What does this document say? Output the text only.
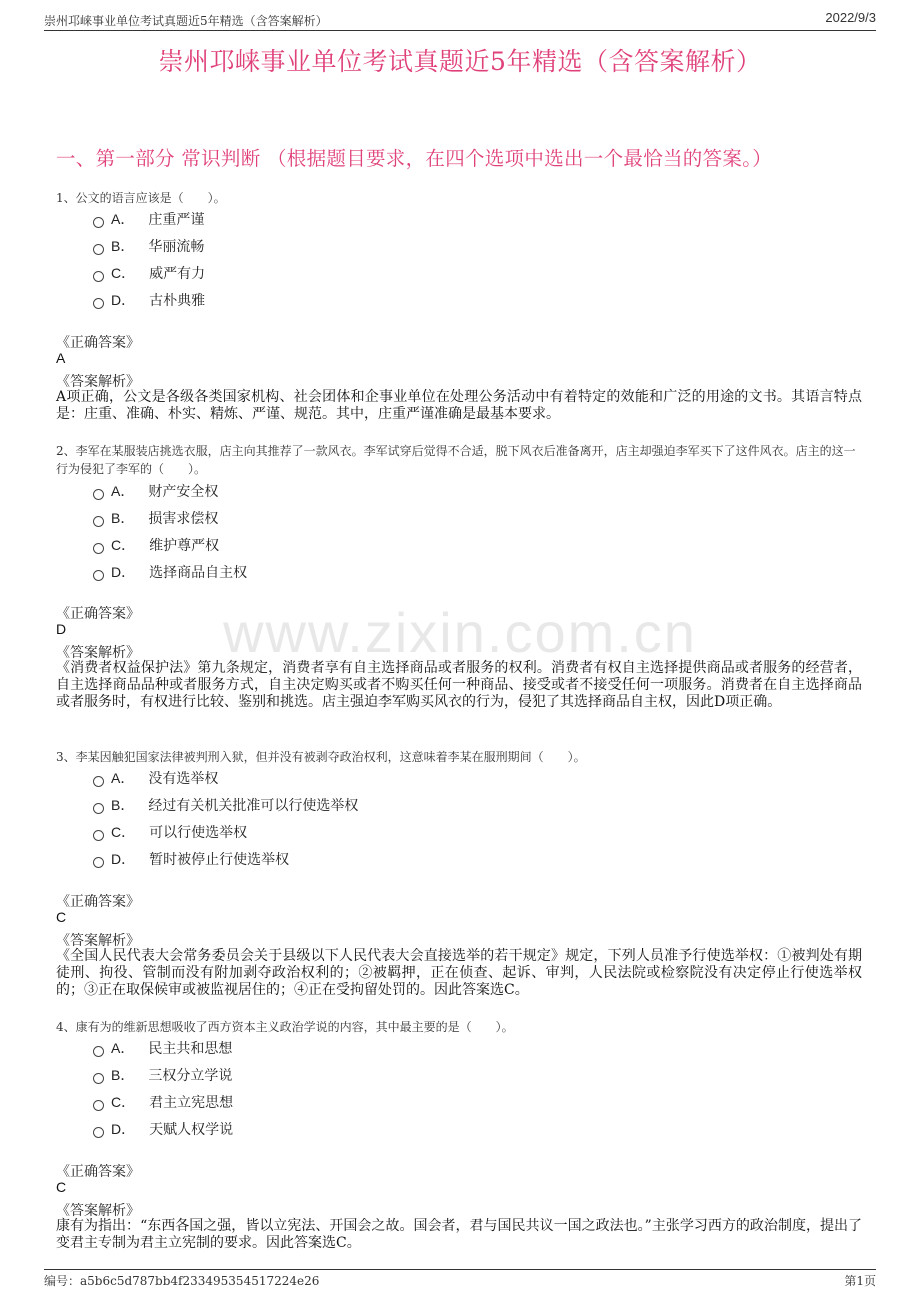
崇州邛崃事业单位考试真题近5年精选（含答案解析）	2022/9/3
崇州邛崃事业单位考试真题近5年精选（含答案解析）
一、第一部分 常识判断 （根据题目要求，在四个选项中选出一个最恰当的答案。）
www.zixin.com.cn
1、公文的语言应该是（　　）。
A． 庄重严谨
B． 华丽流畅
C． 威严有力
D． 古朴典雅
《正确答案》
A
《答案解析》
A项正确，公文是各级各类国家机构、社会团体和企事业单位在处理公务活动中有着特定的效能和广泛的用途的文书。其语言特点是：庄重、准确、朴实、精炼、严谨、规范。其中，庄重严谨准确是最基本要求。
2、李军在某服装店挑选衣服，店主向其推荐了一款风衣。李军试穿后觉得不合适，脱下风衣后准备离开，店主却强迫李军买下了这件风衣。店主的这一行为侵犯了李军的（　　）。
A． 财产安全权
B． 损害求偿权
C． 维护尊严权
D． 选择商品自主权
《正确答案》
D
《答案解析》
《消费者权益保护法》第九条规定，消费者享有自主选择商品或者服务的权利。消费者有权自主选择提供商品或者服务的经营者，自主选择商品品种或者服务方式，自主决定购买或者不购买任何一种商品、接受或者不接受任何一项服务。消费者在自主选择商品或者服务时，有权进行比较、鉴别和挑选。店主强迫李军购买风衣的行为，侵犯了其选择商品自主权，因此D项正确。
3、李某因触犯国家法律被判刑入狱，但并没有被剥夺政治权利，这意味着李某在服刑期间（　　）。
A． 没有选举权
B． 经过有关机关批准可以行使选举权
C． 可以行使选举权
D． 暂时被停止行使选举权
《正确答案》
C
《答案解析》
《全国人民代表大会常务委员会关于县级以下人民代表大会直接选举的若干规定》规定，下列人员准予行使选举权：①被判处有期徒刑、拘役、管制而没有附加剥夺政治权利的；②被羁押，正在侦查、起诉、审判，人民法院或检察院没有决定停止行使选举权的；③正在取保候审或被监视居住的；④正在受拘留处罚的。因此答案选C。
4、康有为的维新思想吸收了西方资本主义政治学说的内容，其中最主要的是（　　）。
A． 民主共和思想
B． 三权分立学说
C． 君主立宪思想
D． 天赋人权学说
《正确答案》
C
《答案解析》
康有为指出：“东西各国之强，皆以立宪法、开国会之故。国会者，君与国民共议一国之政法也。”主张学习西方的政治制度，提出了变君主专制为君主立宪制的要求。因此答案选C。
编号：a5b6c5d787bb4f233495354517224e26	第1页
